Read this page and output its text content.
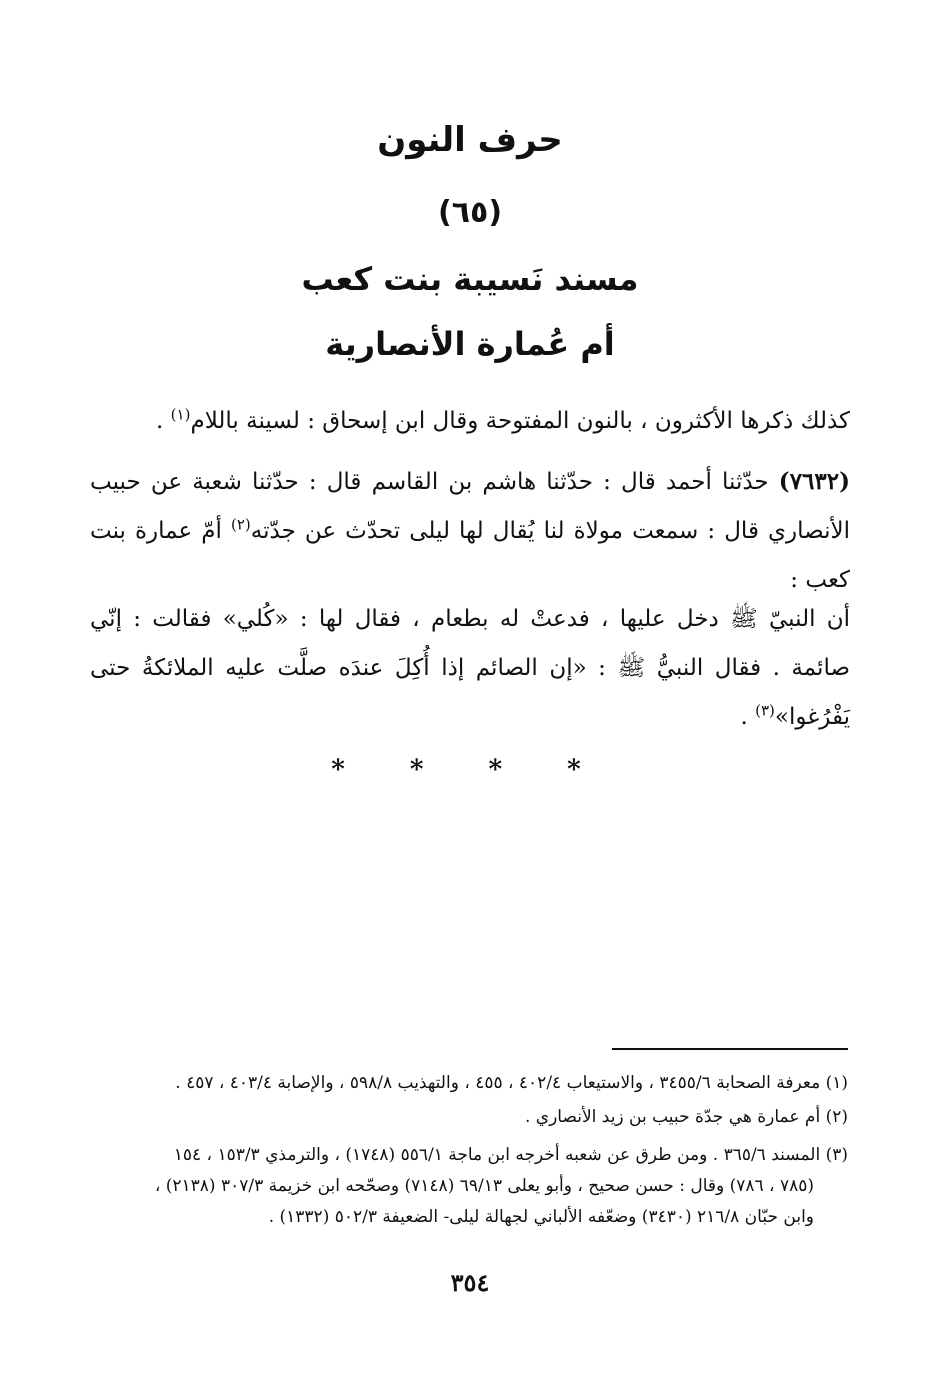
حرف النون
(٦٥)
مسند نَسيبة بنت كعب
أم عُمارة الأنصارية
كذلك ذكرها الأكثرون ، بالنون المفتوحة وقال ابن إسحاق : لسينة باللام$^{(١)}$ .
(٧٦٣٢) حدّثنا أحمد قال : حدّثنا هاشم بن القاسم قال : حدّثنا شعبة عن حبيب الأنصاري قال : سمعت مولاة لنا يُقال لها ليلى تحدّث عن جدّته$^{(٢)}$ أمّ عمارة بنت كعب :
أن النبيّ ﷺ دخل عليها ، فدعتْ له بطعام ، فقال لها : «كُلي» فقالت : إنّي صائمة . فقال النبيُّ ﷺ : «إن الصائم إذا أُكِلَ عندَه صلَّت عليه الملائكةُ حتى يَفْرُغوا»$^{(٣)}$ .
* * * *
(١) معرفة الصحابة ٣٤٥٥/٦ ، والاستيعاب ٤٠٢/٤ ، ٤٥٥ ، والتهذيب ٥٩٨/٨ ، والإصابة ٤٠٣/٤ ، ٤٥٧ .
(٢) أم عمارة هي جدّة حبيب بن زيد الأنصاري .
(٣) المسند ٣٦٥/٦ . ومن طرق عن شعبه أخرجه ابن ماجة ٥٥٦/١ (١٧٤٨) ، والترمذي ١٥٣/٣ ، ١٥٤
(٧٨٥ ، ٧٨٦) وقال : حسن صحيح ، وأبو يعلى ٦٩/١٣ (٧١٤٨) وصحّحه ابن خزيمة ٣٠٧/٣ (٢١٣٨) ،
وابن حبّان ٢١٦/٨ (٣٤٣٠) وضعّفه الألباني لجهالة ليلى- الضعيفة ٥٠٢/٣ (١٣٣٢) .
٣٥٤
